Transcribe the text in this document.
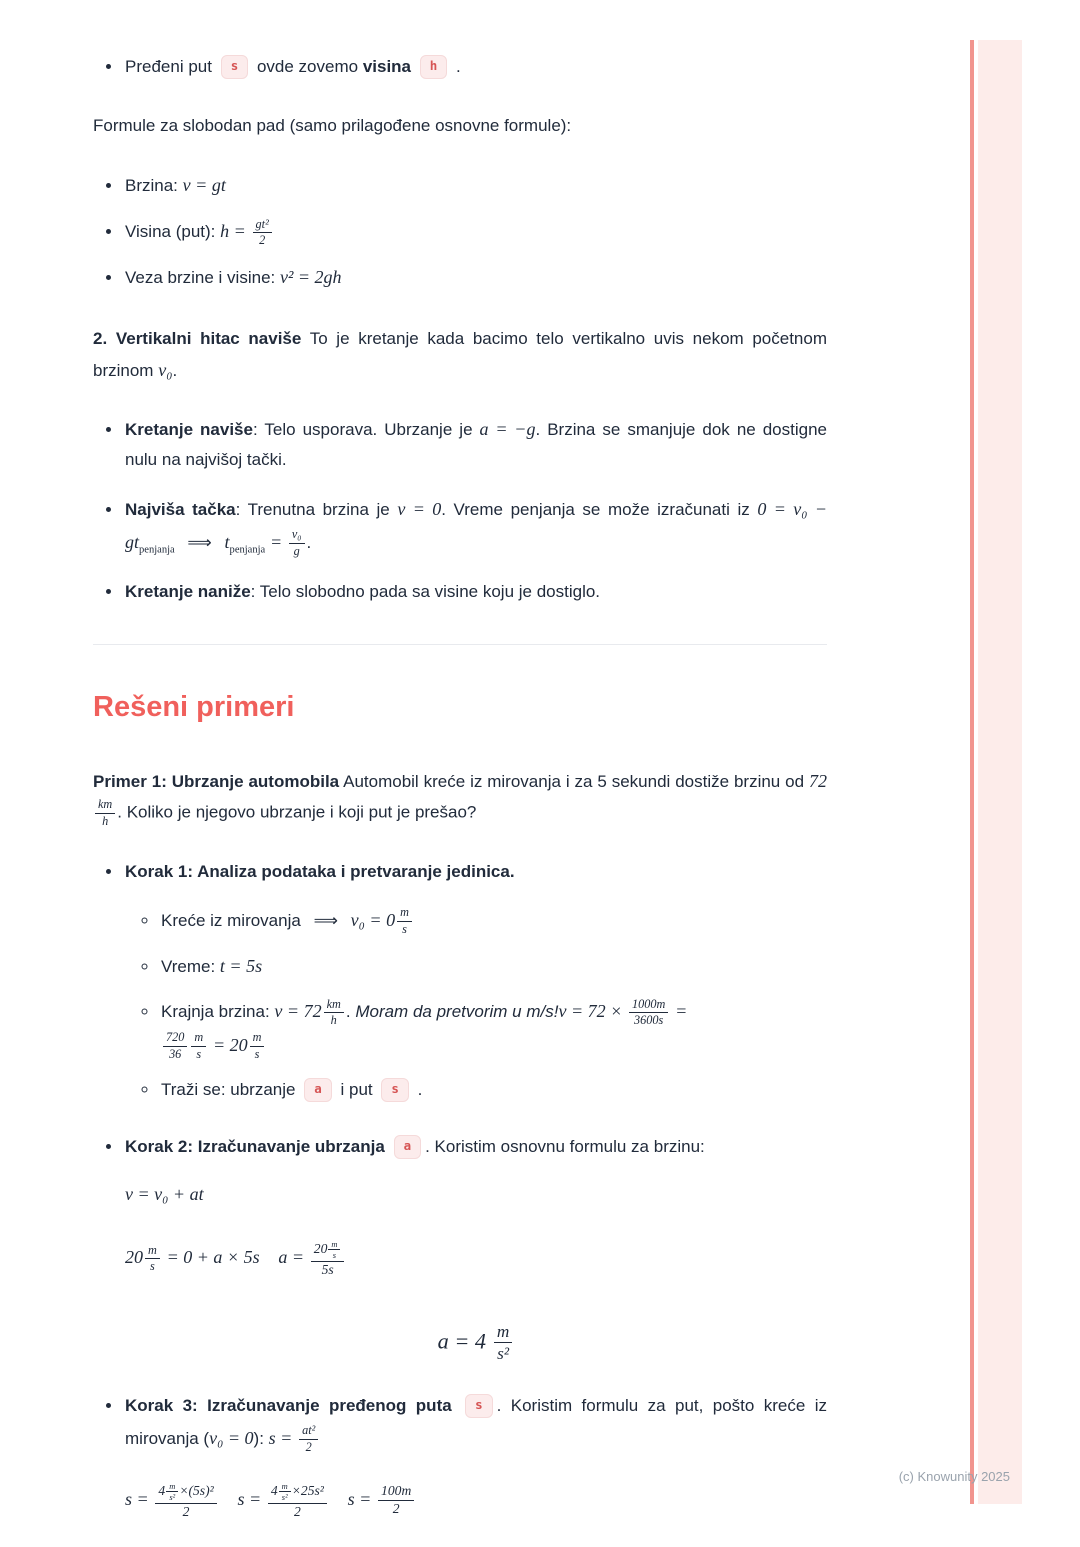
• Pređeni put s ovde zovemo visina h .

Formule za slobodan pad (samo prilagođene osnovne formule):

• Brzina: v = gt
• Visina (put): $h = \frac{\text{gt²}}{2}$
• Veza brzine i visine: v² = 2gh

2. Vertikalni hitac naviše To je kretanje kada bacimo telo vertikalno uvis nekom početnom brzinom v₀.

• Kretanje naviše: Telo usporava. Ubrzanje je a = −g. Brzina se smanjuje dok ne dostigne nulu na najvišoj tački.
• Najviša tačka: Trenutna brzina je v = 0. Vreme penjanja se može izračunati iz $0 = v_0 - gt_{penjanja}$ ⟹ $t_{penjanja} = \frac{\text{v₀}}{g}$ .
• Kretanje naniže: Telo slobodno pada sa visine koju je dostiglo.
Rešeni primeri

Primer 1: Ubrzanje automobila Automobil kreće iz mirovanja i za 5 sekundi dostiže brzinu od 72
$\frac{km}{h}$ . Koliko je njegovo ubrzanje i koji put je prešao?

• Korak 1: Analiza podataka i pretvaranje jedinica.
◦ Kreće iz mirovanja ⟹ $v_0 = 0 \frac{m}{s}$
◦ Vreme: t = 5s
◦ Krajnja brzina: $v = 72 \frac{km}{h}$ . Moram da pretvorim u $m/s!v = 72 \times \frac{1000m}{3600s}$ =

$\frac{720}{36} \frac{m}{s} = 20 \frac{m}{s}$
◦ Traži se: ubrzanje a i put s .
• Korak 2: Izračunavanje ubrzanja a . Koristim osnovnu formulu za brzinu:
v = v₀ + at
$20 \frac{m}{s} = 0 + a \times 5s$ $a = \frac{20 \frac{m}{s}}{5s}$
$a = 4 \frac{m}{\text{s²}}$
• Korak 3: Izračunavanje pređenog puta s . Koristim formulu za put, pošto kreće iz mirovanja (v₀ = 0): $s = \frac{\text{at²}}{2}$
$s = \frac{4 \frac{m}{\text{s²}} \times(5s)^2}{2}$ $s = \frac{4 \frac{m}{\text{s²}} \times 25s^2}{2}$ $s = \frac{100m}{2}$
(c) Knowunity 2025
